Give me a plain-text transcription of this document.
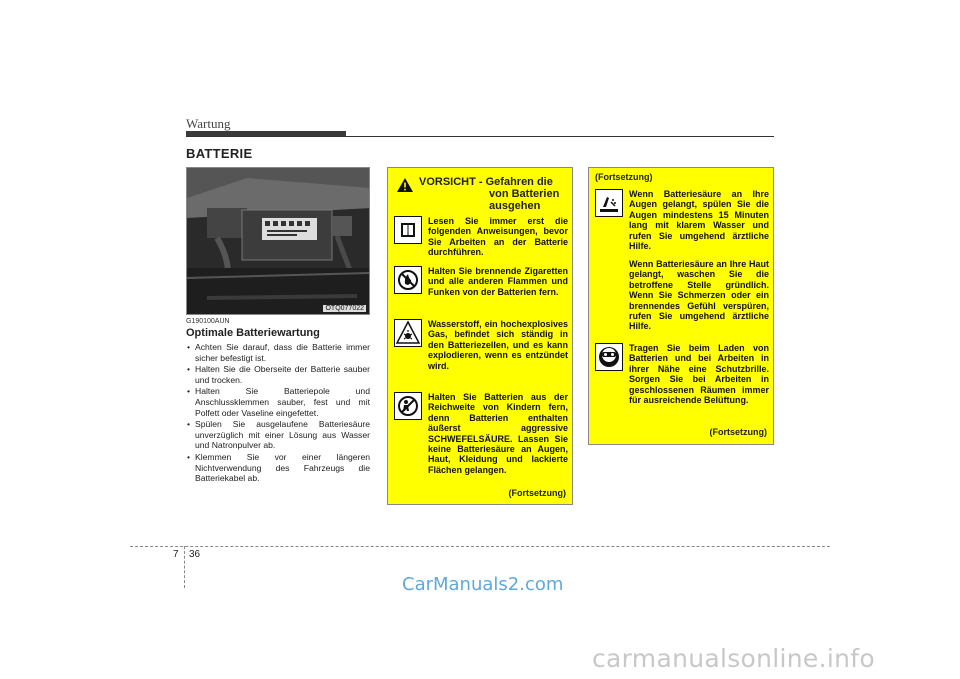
Wartung
BATTERIE
OTQ077022
G190100AUN
Optimale Batteriewartung
• Achten Sie darauf, dass die Batterie immer sicher befestigt ist.
• Halten Sie die Oberseite der Batterie sauber und trocken.
• Halten Sie Batteriepole und Anschlussklemmen sauber, fest und mit Polfett oder Vaseline eingefettet.
• Spülen Sie ausgelaufene Batteriesäure unverzüglich mit einer Lösung aus Wasser und Natronpulver ab.
• Klemmen Sie vor einer längeren Nichtverwendung des Fahrzeugs die Batteriekabel ab.
VORSICHT - Gefahren die
von Batterien
ausgehen
Lesen Sie immer erst die folgenden Anweisungen, bevor Sie Arbeiten an der Batterie durchführen.
Halten Sie brennende Zigaretten und alle anderen Flammen und Funken von der Batterien fern.
Wasserstoff, ein hochexplosives Gas, befindet sich ständig in den Batteriezellen, und es kann explodieren, wenn es entzündet wird.
Halten Sie Batterien aus der Reichweite von Kindern fern, denn Batterien enthalten äußerst aggressive SCHWEFELSÄURE. Lassen Sie keine Batteriesäure an Augen, Haut, Kleidung und lackierte Flächen gelangen.
(Fortsetzung)
(Fortsetzung)
Wenn Batteriesäure an Ihre Augen gelangt, spülen Sie die Augen mindestens 15 Minuten lang mit klarem Wasser und rufen Sie umgehend ärztliche Hilfe.
Wenn Batteriesäure an Ihre Haut gelangt, waschen Sie die betroffene Stelle gründlich. Wenn Sie Schmerzen oder ein brennendes Gefühl verspüren, rufen Sie umgehend ärztliche Hilfe.
Tragen Sie beim Laden von Batterien und bei Arbeiten in ihrer Nähe eine Schutzbrille. Sorgen Sie bei Arbeiten in geschlossenen Räumen immer für ausreichende Belüftung.
(Fortsetzung)
7 36
CarManuals2.com
carmanualsonline.info
